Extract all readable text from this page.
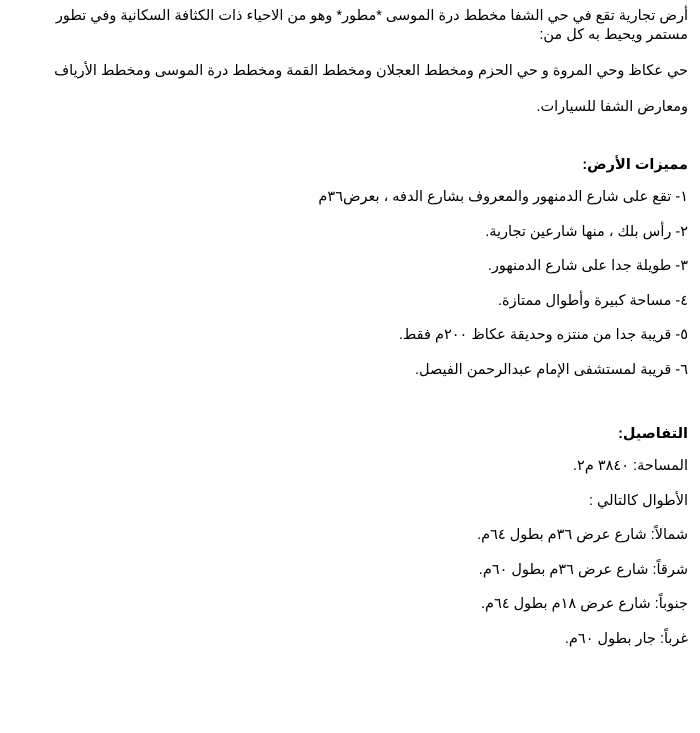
أرض تجارية تقع في حي الشفا مخطط درة الموسى *مطور* وهو من الاحياء ذات الكثافة السكانية وفي تطور

مستمر ويحيط به كل من:

حي عكاظ وحي المروة و حي الحزم ومخطط العجلان ومخطط القمة ومخطط درة الموسى ومخطط الأرياف

ومعارض الشفا للسيارات.

مميزات الأرض:
١- تقع على شارع الدمنهور والمعروف بشارع الدفه ، بعرض٣٦م
٢- رأس بلك ، منها شارعين تجارية.
٣- طويلة جدا على شارع الدمنهور.
٤- مساحة كبيرة وأطوال ممتازة.
٥- قريبة جدا من منتزه وحديقة عكاظ ٢٠٠م فقط.
٦- قريبة لمستشفى الإمام عبدالرحمن الفيصل.
التفاصيل:

المساحة: ٣٨٤٠ م٢.

الأطوال كالتالي :

شمالاً: شارع عرض ٣٦م بطول ٦٤م.

شرقاً: شارع عرض ٣٦م بطول ٦٠م.

جنوباً: شارع عرض ١٨م بطول ٦٤م.

غرباً: جار بطول ٦٠م.
